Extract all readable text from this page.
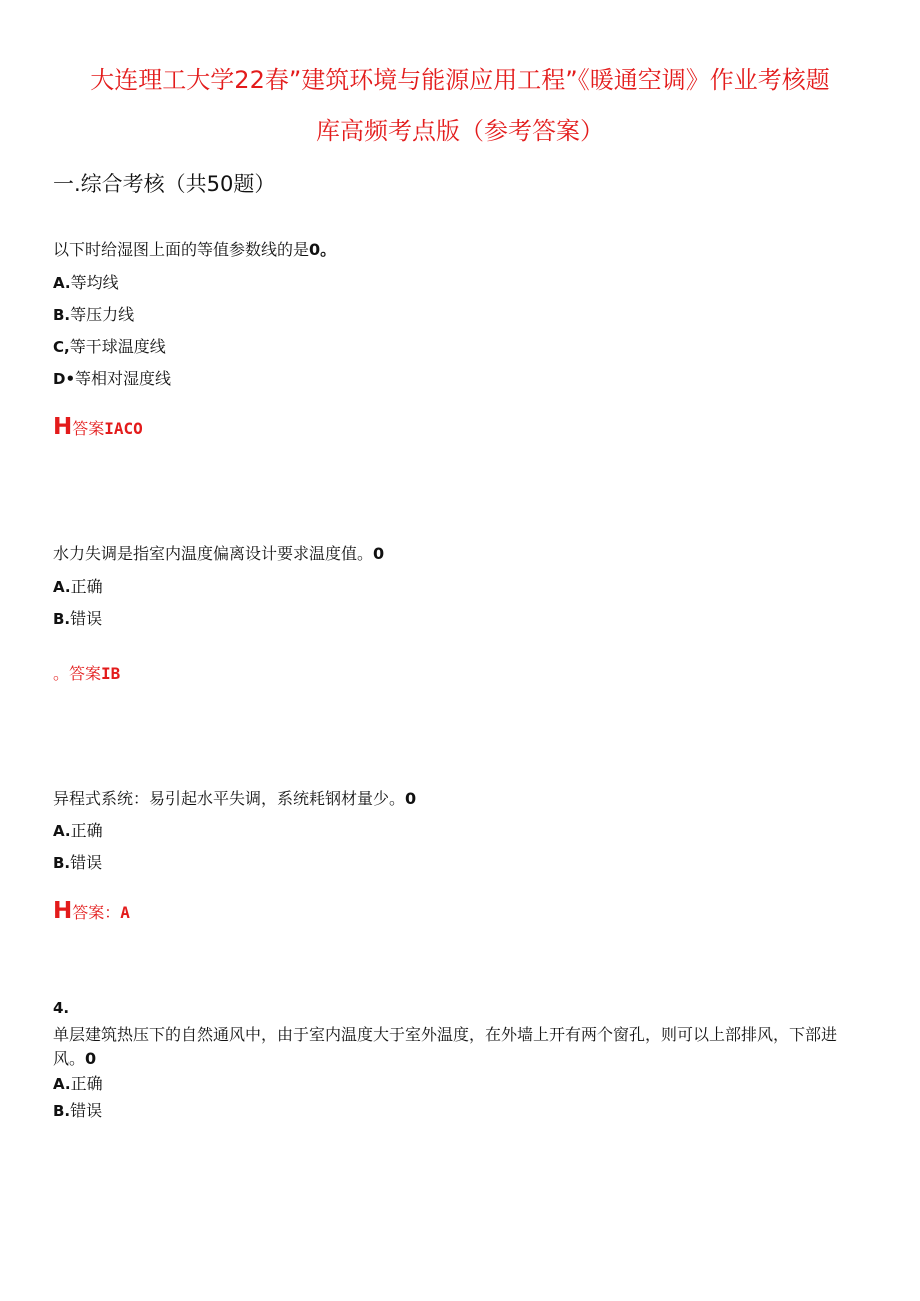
大连理工大学22春”建筑环境与能源应用工程”《暖通空调》作业考核题
库高频考点版（参考答案）
一.综合考核（共50题）

以下时给湿图上面的等值参数线的是0。

A.等均线
B.等压力线
C,等干球温度线
D•等相对湿度线
H答案IACO

水力失调是指室内温度偏离设计要求温度值。0

A.正确
B.错误
。答案IB

异程式系统：易引起水平失调，系统耗钢材量少。0

A.正确
B.错误
H答案：A
4.

单层建筑热压下的自然通风中，由于室内温度大于室外温度，在外墙上开有两个窗孔，则可以上部排风，下部进风。0

A.正确
B.错误
